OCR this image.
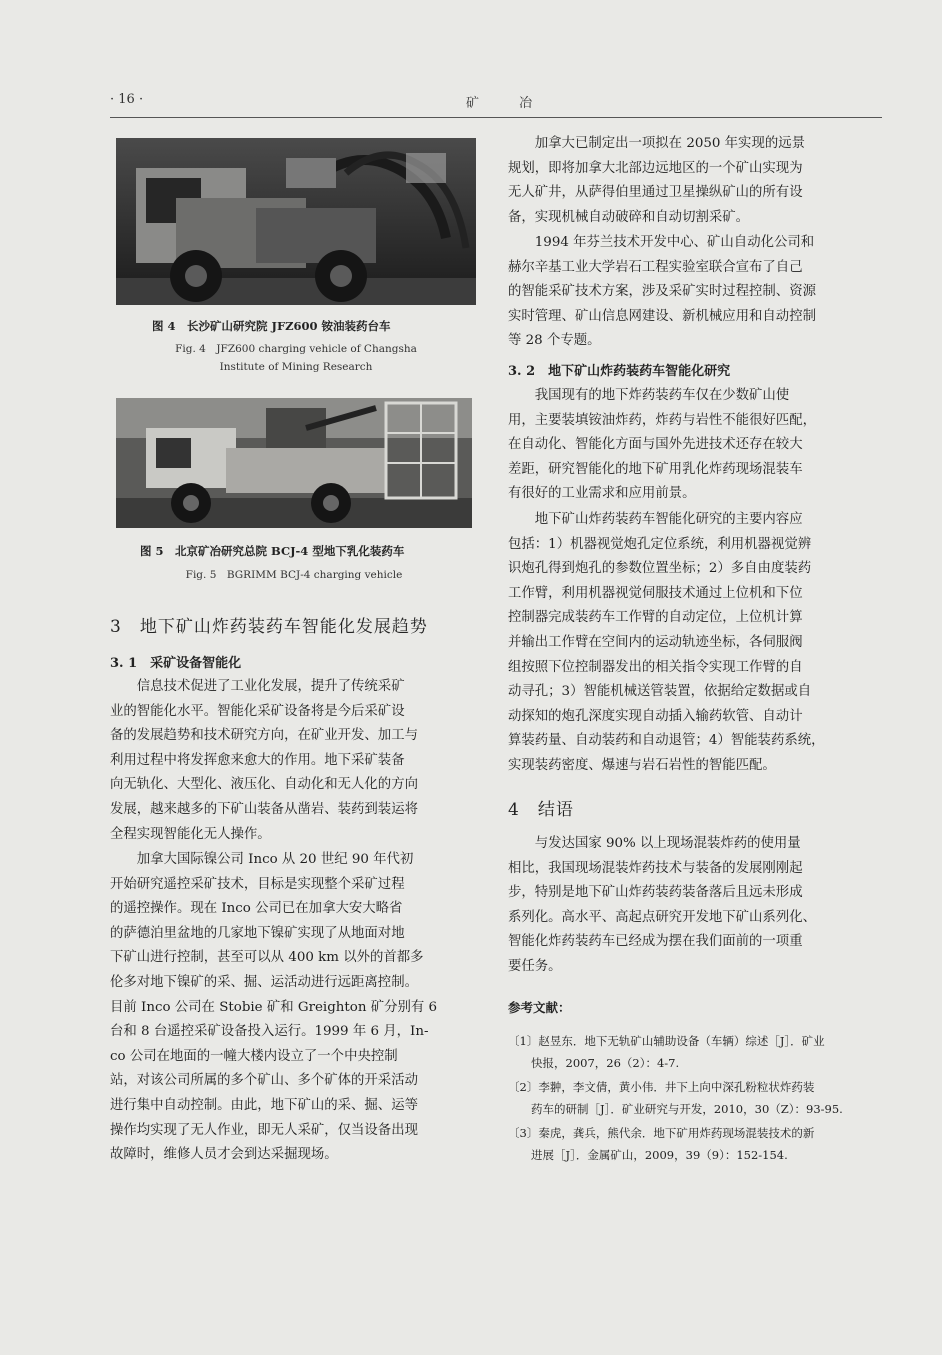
· 16 ·	矿 冶
图 4　长沙矿山研究院 JFZ600 铵油装药台车
Fig. 4　JFZ600 charging vehicle of Changsha
Institute of Mining Research
图 5　北京矿冶研究总院 BCJ-4 型地下乳化装药车
Fig. 5　BGRIMM BCJ-4 charging vehicle
3　地下矿山炸药装药车智能化发展趋势
3. 1　采矿设备智能化
　　信息技术促进了工业化发展，提升了传统采矿
业的智能化水平。智能化采矿设备将是今后采矿设
备的发展趋势和技术研究方向，在矿业开发、加工与
利用过程中将发挥愈来愈大的作用。地下采矿装备
向无轨化、大型化、液压化、自动化和无人化的方向
发展，越来越多的下矿山装备从凿岩、装药到装运将
全程实现智能化无人操作。
　　加拿大国际镍公司 Inco 从 20 世纪 90 年代初
开始研究遥控采矿技术，目标是实现整个采矿过程
的遥控操作。现在 Inco 公司已在加拿大安大略省
的萨德泊里盆地的几家地下镍矿实现了从地面对地
下矿山进行控制，甚至可以从 400 km 以外的首都多
伦多对地下镍矿的采、掘、运活动进行远距离控制。
目前 Inco 公司在 Stobie 矿和 Greighton 矿分别有 6
台和 8 台遥控采矿设备投入运行。1999 年 6 月，In-
co 公司在地面的一幢大楼内设立了一个中央控制
站，对该公司所属的多个矿山、多个矿体的开采活动
进行集中自动控制。由此，地下矿山的采、掘、运等
操作均实现了无人作业，即无人采矿，仅当设备出现
故障时，维修人员才会到达采掘现场。
　　加拿大已制定出一项拟在 2050 年实现的远景
规划，即将加拿大北部边远地区的一个矿山实现为
无人矿井，从萨得伯里通过卫星操纵矿山的所有设
备，实现机械自动破碎和自动切割采矿。
　　1994 年芬兰技术开发中心、矿山自动化公司和
赫尔辛基工业大学岩石工程实验室联合宣布了自己
的智能采矿技术方案，涉及采矿实时过程控制、资源
实时管理、矿山信息网建设、新机械应用和自动控制
等 28 个专题。
3. 2　地下矿山炸药装药车智能化研究
　　我国现有的地下炸药装药车仅在少数矿山使
用，主要装填铵油炸药，炸药与岩性不能很好匹配，
在自动化、智能化方面与国外先进技术还存在较大
差距，研究智能化的地下矿用乳化炸药现场混装车
有很好的工业需求和应用前景。
　　地下矿山炸药装药车智能化研究的主要内容应
包括：1）机器视觉炮孔定位系统，利用机器视觉辨
识炮孔得到炮孔的参数位置坐标；2）多自由度装药
工作臂，利用机器视觉伺服技术通过上位机和下位
控制器完成装药车工作臂的自动定位，上位机计算
并输出工作臂在空间内的运动轨迹坐标，各伺服阀
组按照下位控制器发出的相关指令实现工作臂的自
动寻孔；3）智能机械送管装置，依据给定数据或自
动探知的炮孔深度实现自动插入输药软管、自动计
算装药量、自动装药和自动退管；4）智能装药系统，
实现装药密度、爆速与岩石岩性的智能匹配。
4　结语
　　与发达国家 90% 以上现场混装炸药的使用量
相比，我国现场混装炸药技术与装备的发展刚刚起
步，特别是地下矿山炸药装药装备落后且远未形成
系列化。高水平、高起点研究开发地下矿山系列化、
智能化炸药装药车已经成为摆在我们面前的一项重
要任务。
参考文献：
〔1〕赵昱东．地下无轨矿山辅助设备（车辆）综述［J］．矿业
　　快报，2007，26（2）：4-7.
〔2〕李翀，李文倩，黄小伟．井下上向中深孔粉粒状炸药装
　　药车的研制［J］．矿业研究与开发，2010，30（Z）：93-95.
〔3〕秦虎，龚兵，熊代余．地下矿用炸药现场混装技术的新
　　进展［J］．金属矿山，2009，39（9）：152-154.
